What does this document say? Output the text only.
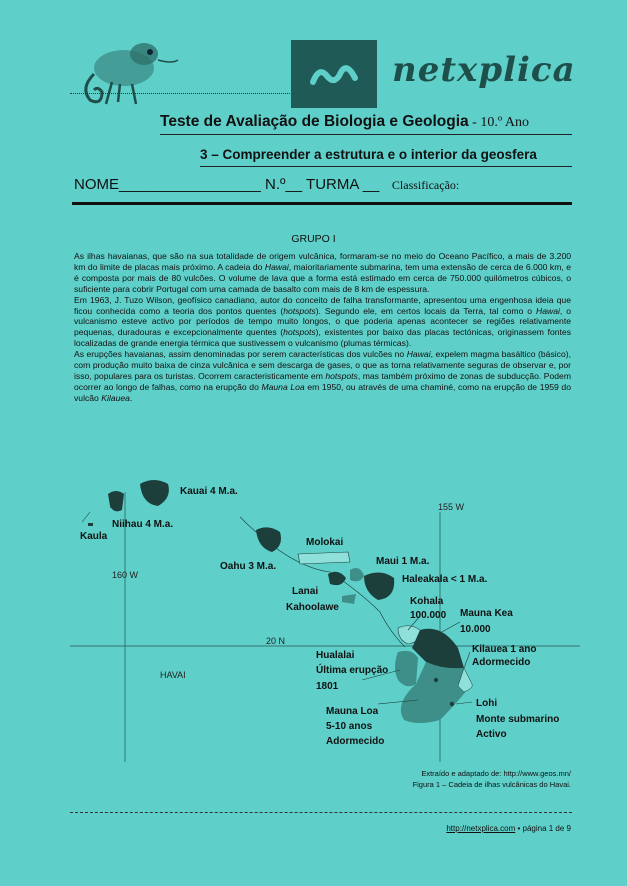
netxplica
Teste de Avaliação de Biologia e Geologia - 10.º Ano
3 – Compreender a estrutura e o interior da geosfera
NOME_________________ N.º__ TURMA __ Classificação:
GRUPO I

As ilhas havaianas, que são na sua totalidade de origem vulcânica, formaram-se no meio do Oceano Pacífico, a mais de 3.200 km do limite de placas mais próximo. A cadeia do Hawai, maioritariamente submarina, tem uma extensão de cerca de 6.000 km, e é composta por mais de 80 vulcões. O volume de lava que a forma está estimado em cerca de 750.000 quilómetros cúbicos, o suficiente para cobrir Portugal com uma camada de basalto com mais de 8 km de espessura.

Em 1963, J. Tuzo Wilson, geofísico canadiano, autor do conceito de falha transformante, apresentou uma engenhosa ideia que ficou conhecida como a teoria dos pontos quentes (hotspots). Segundo ele, em certos locais da Terra, tal como o Hawai, o vulcanismo esteve activo por períodos de tempo muito longos, o que poderia apenas acontecer se regiões relativamente pequenas, duradouras e excepcionalmente quentes (hotspots), existentes por baixo das placas tectónicas, originassem fontes localizadas de grande energia térmica que sustivessem o vulcanismo (plumas térmicas).

As erupções havaianas, assim denominadas por serem características dos vulcões no Hawai, expelem magma basáltico (básico), com produção muito baixa de cinza vulcânica e sem descarga de gases, o que as torna relativamente seguras de observar e, por isso, populares para os turistas. Ocorrem caracteristicamente em hotspots, mas também próximo de zonas de subducção. Podem ocorrer ao longo de falhas, como na erupção do Mauna Loa em 1950, ou através de uma chaminé, como na erupção de 1959 do vulcão Kilauea.

Kauai 4 M.a.
Niihau 4 M.a.
Kaula
155 W
160 W
20 N
Molokai
Oahu 3 M.a.	Maui 1 M.a.
Lanai
Haleakala < 1 M.a.
Kahoolawe
Kohala
100.000 Mauna Kea
10.000
Kilauea 1 ano
Adormecido
Hualalai
Última erupção
1801
HAVAI
Lohi
Monte submarino
Activo
Mauna Loa
5-10 anos
Adormecido
Extraído e adaptado de: http://www.geos.mn/
Figura 1 – Cadeia de ilhas vulcânicas do Havai.
http://netxplica.com • página 1 de 9
